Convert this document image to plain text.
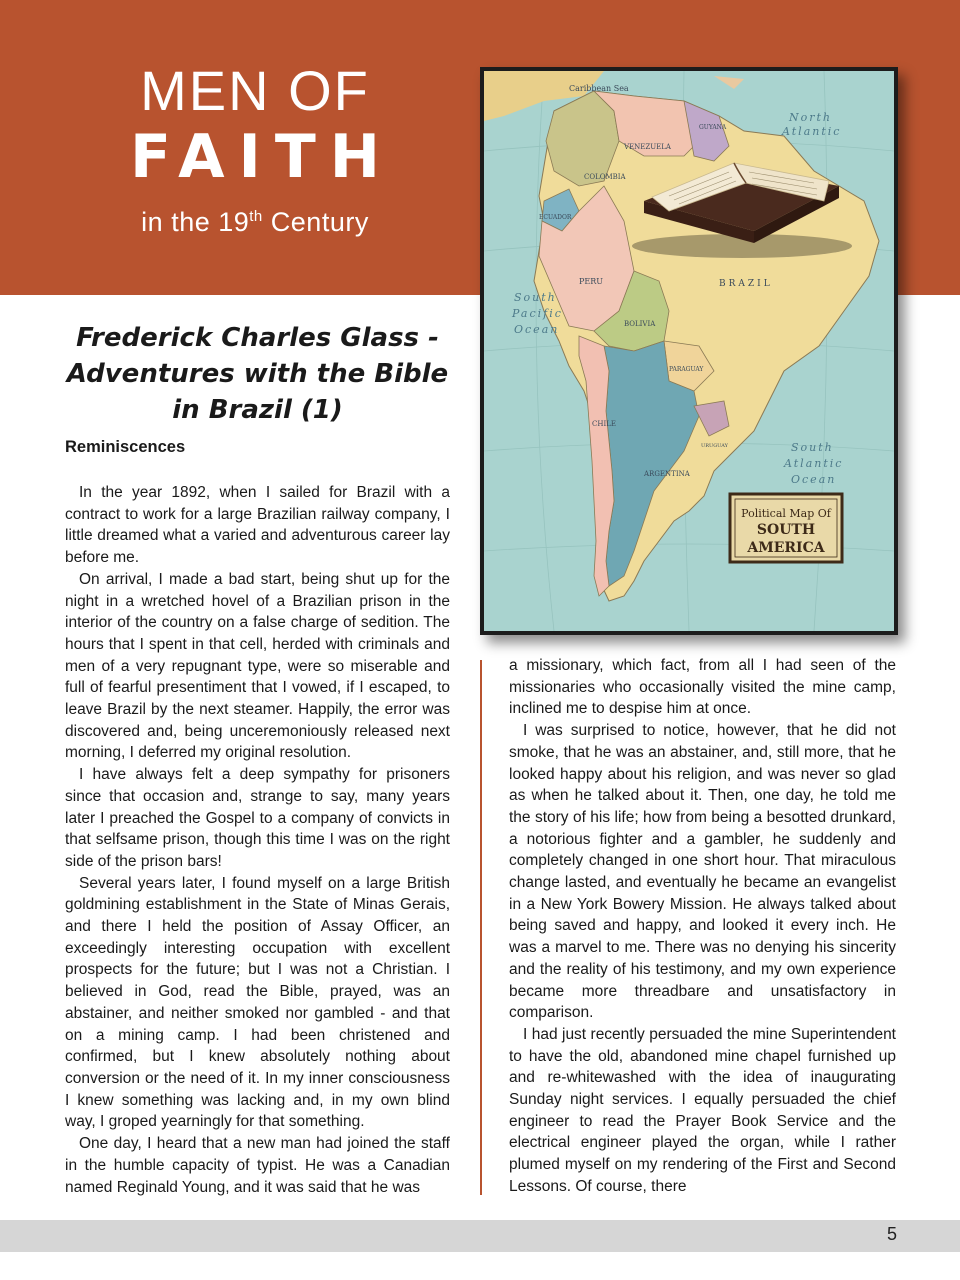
MEN OF
FAITH
in the 19th Century
Caribbean Sea
VENEZUELA
COLOMBIA
GUYANA
ECUADOR
PERU
BOLIVIA
PARAGUAY
CHILE
ARGENTINA
URUGUAY
BRAZIL
North
Atlantic
South
Pacific
Ocean
South
Atlantic
Ocean
Political Map Of
SOUTH
AMERICA
Frederick Charles Glass -
Adventures with the Bible
in Brazil (1)
Reminiscences

In the year 1892, when I sailed for Brazil with a contract to work for a large Brazilian railway company, I little dreamed what a varied and adventurous career lay before me.

On arrival, I made a bad start, being shut up for the night in a wretched hovel of a Brazilian prison in the interior of the country on a false charge of sedition. The hours that I spent in that cell, herded with criminals and men of a very repugnant type, were so miserable and full of fearful presentiment that I vowed, if I escaped, to leave Brazil by the next steamer. Happily, the error was discovered and, being unceremoniously released next morning, I deferred my original resolution.

I have always felt a deep sympathy for prisoners since that occasion and, strange to say, many years later I preached the Gospel to a company of convicts in that selfsame prison, though this time I was on the right side of the prison bars!

Several years later, I found myself on a large British goldmining establishment in the State of Minas Gerais, and there I held the position of Assay Officer, an exceedingly interesting occupation with excellent prospects for the future; but I was not a Christian. I believed in God, read the Bible, prayed, was an abstainer, and neither smoked nor gambled - and that on a mining camp. I had been christened and confirmed, but I knew absolutely nothing about conversion or the need of it. In my inner consciousness I knew something was lacking and, in my own blind way, I groped yearningly for that something.

One day, I heard that a new man had joined the staff in the humble capacity of typist. He was a Canadian named Reginald Young, and it was said that he was

a missionary, which fact, from all I had seen of the missionaries who occasionally visited the mine camp, inclined me to despise him at once.

I was surprised to notice, however, that he did not smoke, that he was an abstainer, and, still more, that he looked happy about his religion, and was never so glad as when he talked about it. Then, one day, he told me the story of his life; how from being a besotted drunkard, a notorious fighter and a gambler, he suddenly and completely changed in one short hour. That miraculous change lasted, and eventually he became an evangelist in a New York Bowery Mission. He always talked about being saved and happy, and looked it every inch. He was a marvel to me. There was no denying his sincerity and the reality of his testimony, and my own experience became more threadbare and unsatisfactory in comparison.

I had just recently persuaded the mine Superintendent to have the old, abandoned mine chapel furnished up and re-whitewashed with the idea of inaugurating Sunday night services. I equally persuaded the chief engineer to read the Prayer Book Service and the electrical engineer played the organ, while I rather plumed myself on my rendering of the First and Second Lessons. Of course, there

5
